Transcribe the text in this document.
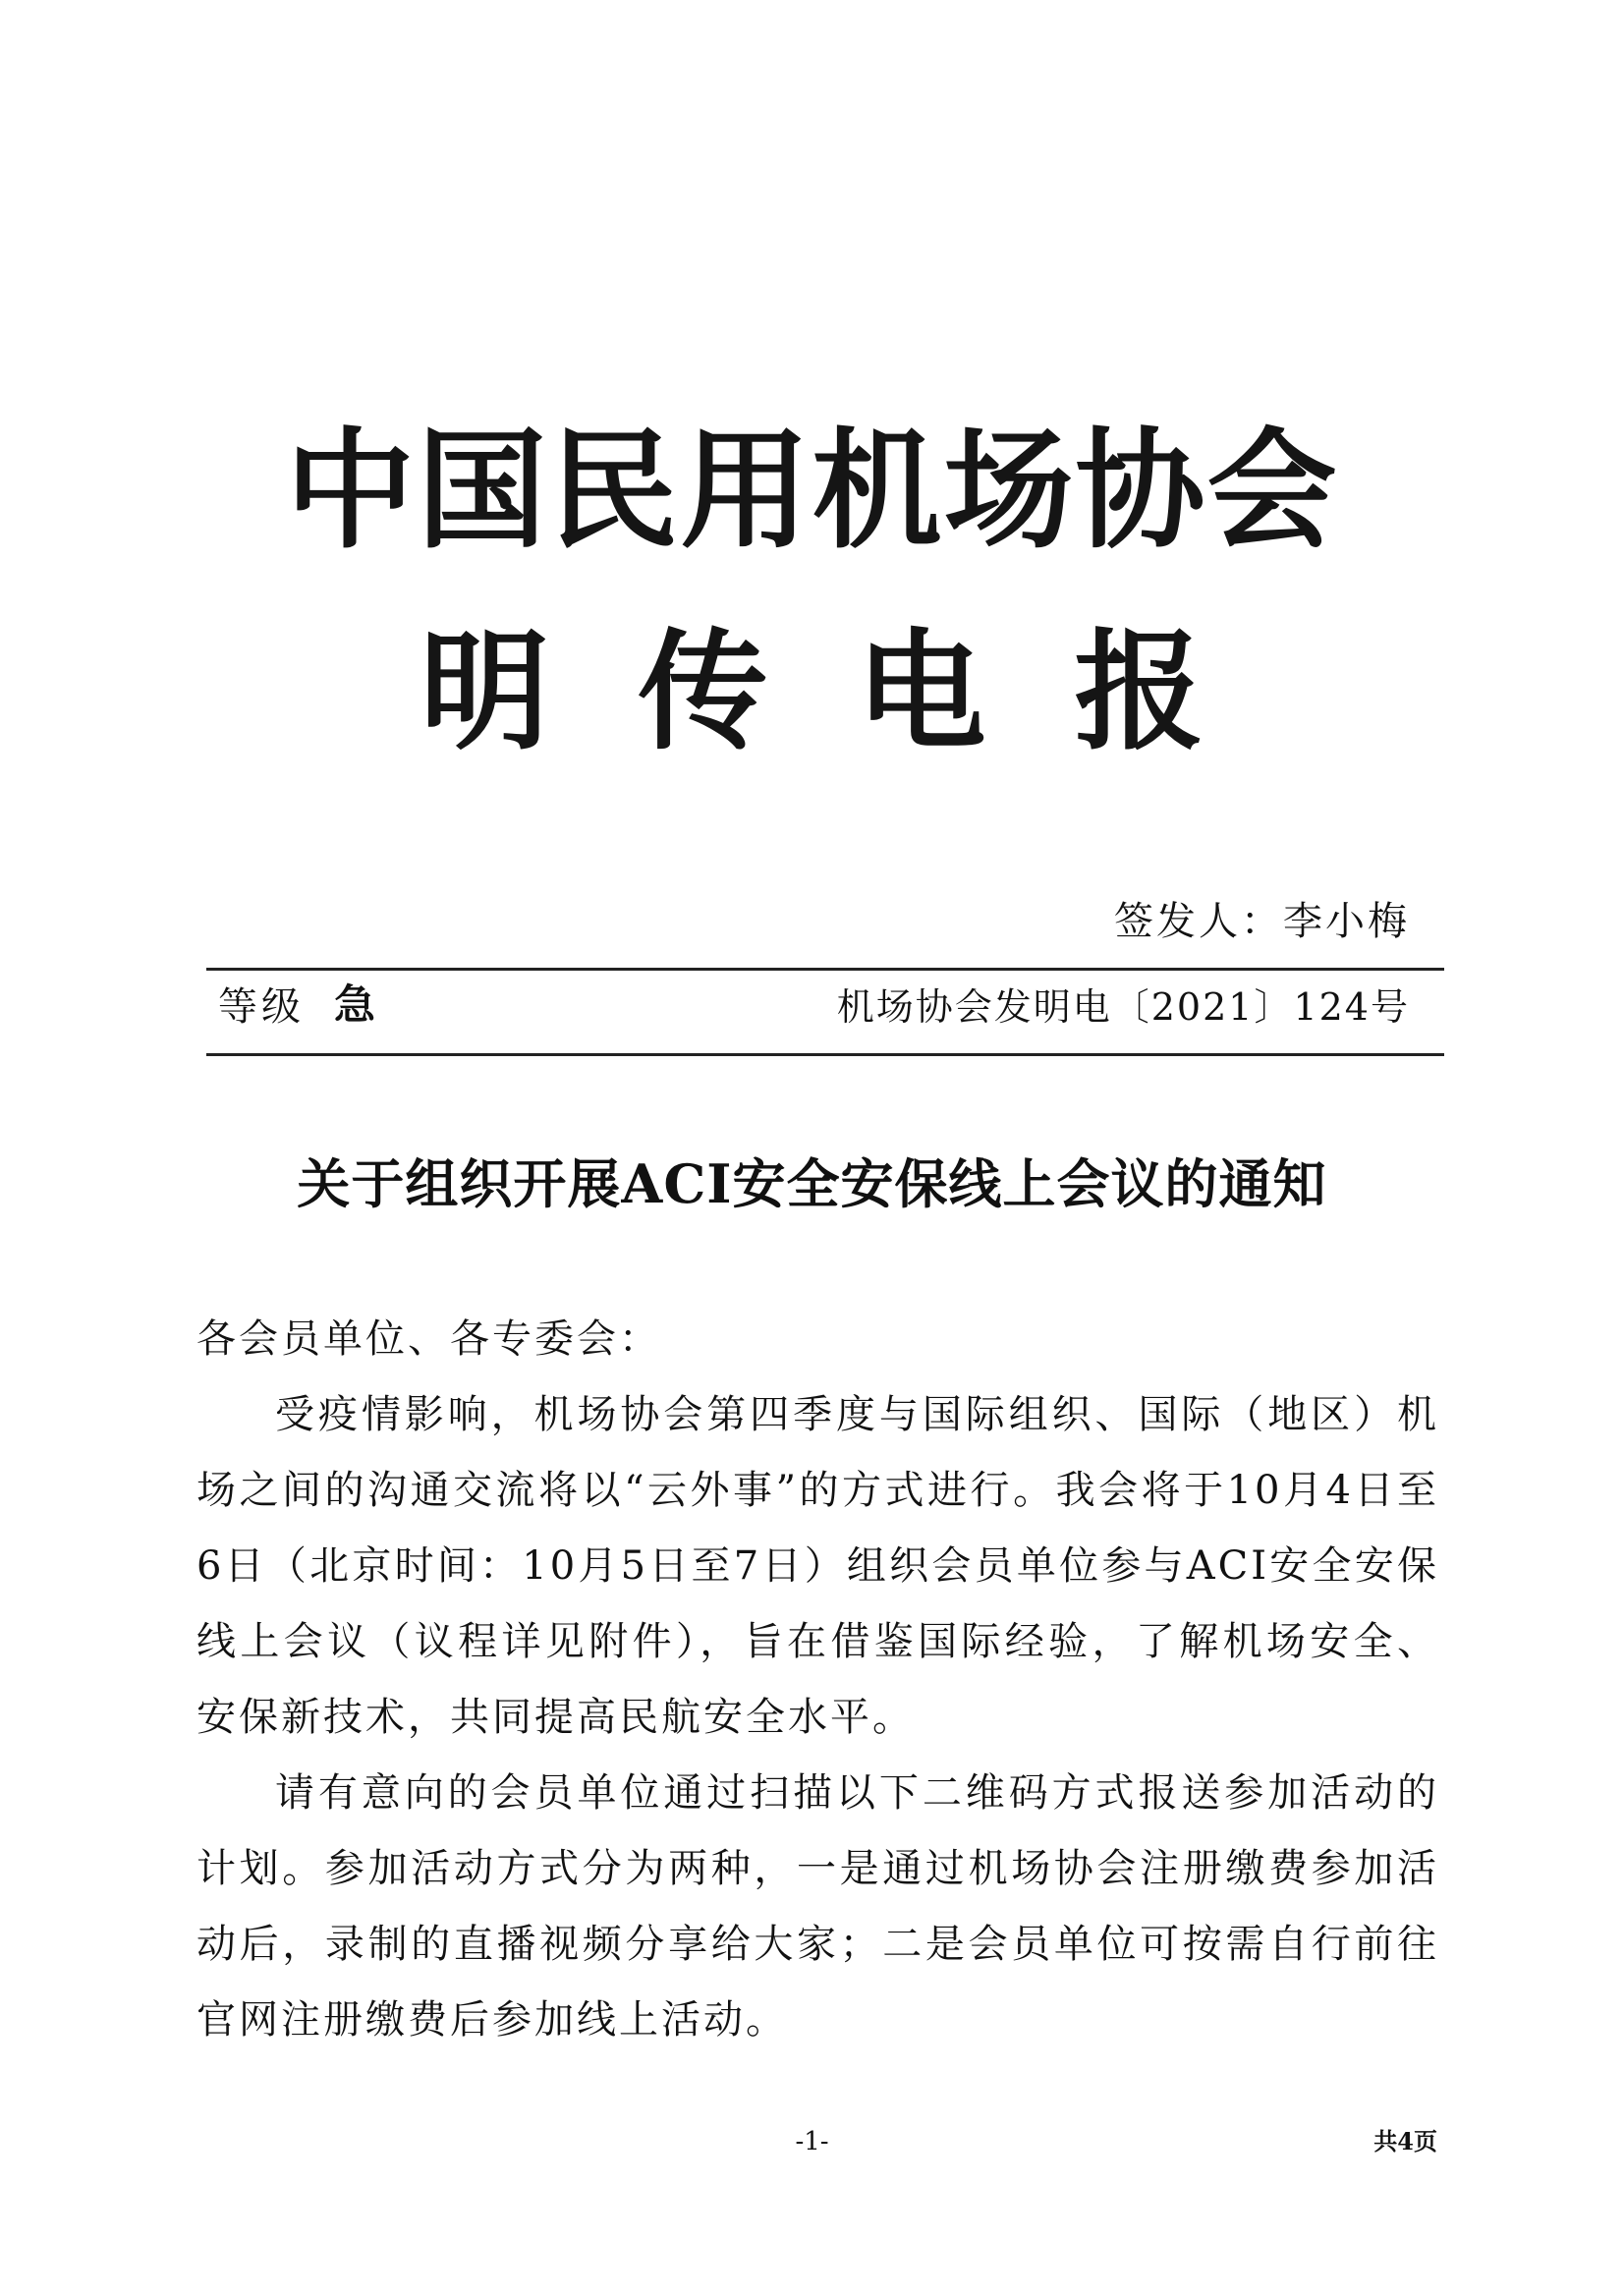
中国民用机场协会
明传电报
签发人：李小梅
等级 急	机场协会发明电〔2021〕124号
关于组织开展ACI安全安保线上会议的通知

各会员单位、各专委会：

受疫情影响，机场协会第四季度与国际组织、国际（地区）机场之间的沟通交流将以“云外事”的方式进行。我会将于10月4日至6日（北京时间：10月5日至7日）组织会员单位参与ACI安全安保线上会议（议程详见附件），旨在借鉴国际经验，了解机场安全、安保新技术，共同提高民航安全水平。

请有意向的会员单位通过扫描以下二维码方式报送参加活动的计划。参加活动方式分为两种，一是通过机场协会注册缴费参加活动后，录制的直播视频分享给大家；二是会员单位可按需自行前往官网注册缴费后参加线上活动。

-1-	共4页
